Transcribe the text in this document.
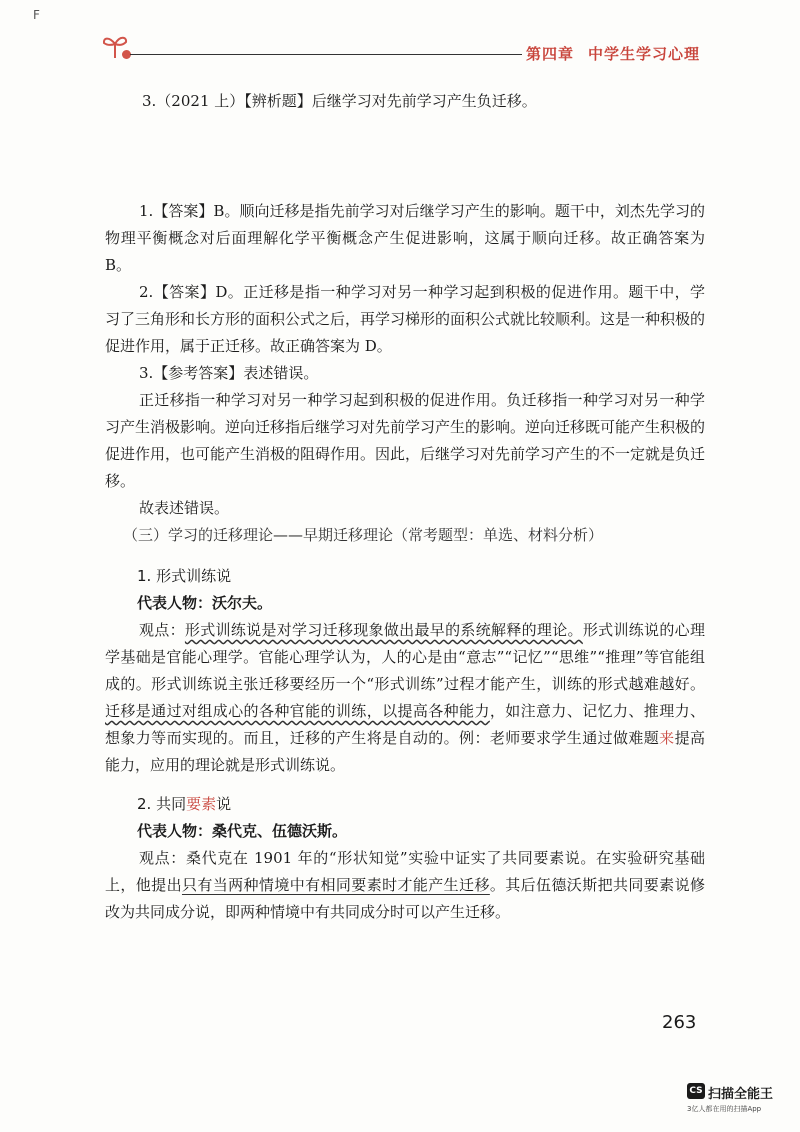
F
第四章 中学生学习心理
3.（2021 上）【辨析题】后继学习对先前学习产生负迁移。

1.【答案】B。顺向迁移是指先前学习对后继学习产生的影响。题干中，刘杰先学习的物理平衡概念对后面理解化学平衡概念产生促进影响，这属于顺向迁移。故正确答案为 B。

2.【答案】D。正迁移是指一种学习对另一种学习起到积极的促进作用。题干中，学习了三角形和长方形的面积公式之后，再学习梯形的面积公式就比较顺利。这是一种积极的促进作用，属于正迁移。故正确答案为 D。

3.【参考答案】表述错误。

正迁移指一种学习对另一种学习起到积极的促进作用。负迁移指一种学习对另一种学习产生消极影响。逆向迁移指后继学习对先前学习产生的影响。逆向迁移既可能产生积极的促进作用，也可能产生消极的阻碍作用。因此，后继学习对先前学习产生的不一定就是负迁移。

故表述错误。

（三）学习的迁移理论——早期迁移理论（常考题型：单选、材料分析）

1. 形式训练说

代表人物：沃尔夫。

观点：形式训练说是对学习迁移现象做出最早的系统解释的理论。形式训练说的心理学基础是官能心理学。官能心理学认为，人的心是由“意志”“记忆”“思维”“推理”等官能组成的。形式训练说主张迁移要经历一个“形式训练”过程才能产生，训练的形式越难越好。迁移是通过对组成心的各种官能的训练，以提高各种能力，如注意力、记忆力、推理力、想象力等而实现的。而且，迁移的产生将是自动的。例：老师要求学生通过做难题来提高能力，应用的理论就是形式训练说。

2. 共同要素说

代表人物：桑代克、伍德沃斯。

观点：桑代克在 1901 年的“形状知觉”实验中证实了共同要素说。在实验研究基础上，他提出只有当两种情境中有相同要素时才能产生迁移。其后伍德沃斯把共同要素说修改为共同成分说，即两种情境中有共同成分时可以产生迁移。

263
CS 扫描全能王
3亿人都在用的扫描App
